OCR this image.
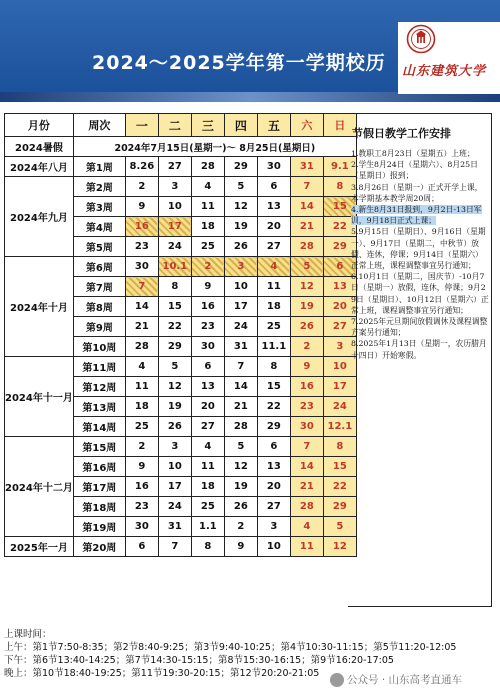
2024～2025学年第一学期校历 山东建筑大学
月份	周次	一	二	三	四	五	六	日
2024暑假	2024年7月15日(星期一)～ 8月25日(星期日)							
2024年八月	第1周	8.26	27	28	29	30	31	9.1
2024年九月	第2周	2	3	4	5	6	7	8
	第3周	9	10	11	12	13	14	15
	第4周	16	17	18	19	20	21	22
	第5周	23	24	25	26	27	28	29
2024年十月	第6周	30	10.1	2	3	4	5	6
	第7周	7	8	9	10	11	12	13
	第8周	14	15	16	17	18	19	20
	第9周	21	22	23	24	25	26	27
	第10周	28	29	30	31	11.1	2	3
2024年十一月	第11周	4	5	6	7	8	9	10
	第12周	11	12	13	14	15	16	17
	第13周	18	19	20	21	22	23	24
	第14周	25	26	27	28	29	30	12.1
2024年十二月	第15周	2	3	4	5	6	7	8
	第16周	9	10	11	12	13	14	15
	第17周	16	17	18	19	20	21	22
	第18周	23	24	25	26	27	28	29
	第19周	30	31	1.1	2	3	4	5
2025年一月	第20周	6	7	8	9	10	11	12
节假日教学工作安排
1.教职工8月23日（星期五）上班；
2.学生8月24日（星期六）、8月25日（星期日）报到；
3.8月26日（星期一）正式开学上课，本学期基本教学周20周；
4.新生8月31日报到，9月2日-13日军训，9月18日正式上课；
5.9月15日（星期日）、9月16日（星期一）、9月17日（星期二，中秋节）放假、连休，停课；9月14日（星期六）正常上班，课程调整事宜另行通知；
6.10月1日（星期二，国庆节）-10月7日（星期一）放假，连休，停课；9月29日（星期日）、10月12日（星期六）正常上班，课程调整事宜另行通知；
7.2025年元旦期间放假调休及课程调整方案另行通知；
8.2025年1月13日（星期一，农历腊月十四日）开始寒假。
上课时间：
上午：第1节7:50-8:35；第2节8:40-9:25；第3节9:40-10:25；第4节10:30-11:15；第5节11:20-12:05
下午：第6节13:40-14:25；第7节14:30-15:15；第8节15:30-16:15；第9节16:20-17:05
晚上：第10节18:40-19:25；第11节19:30-20:15；第12节20:20-21:05
公众号 · 山东高考直通车
